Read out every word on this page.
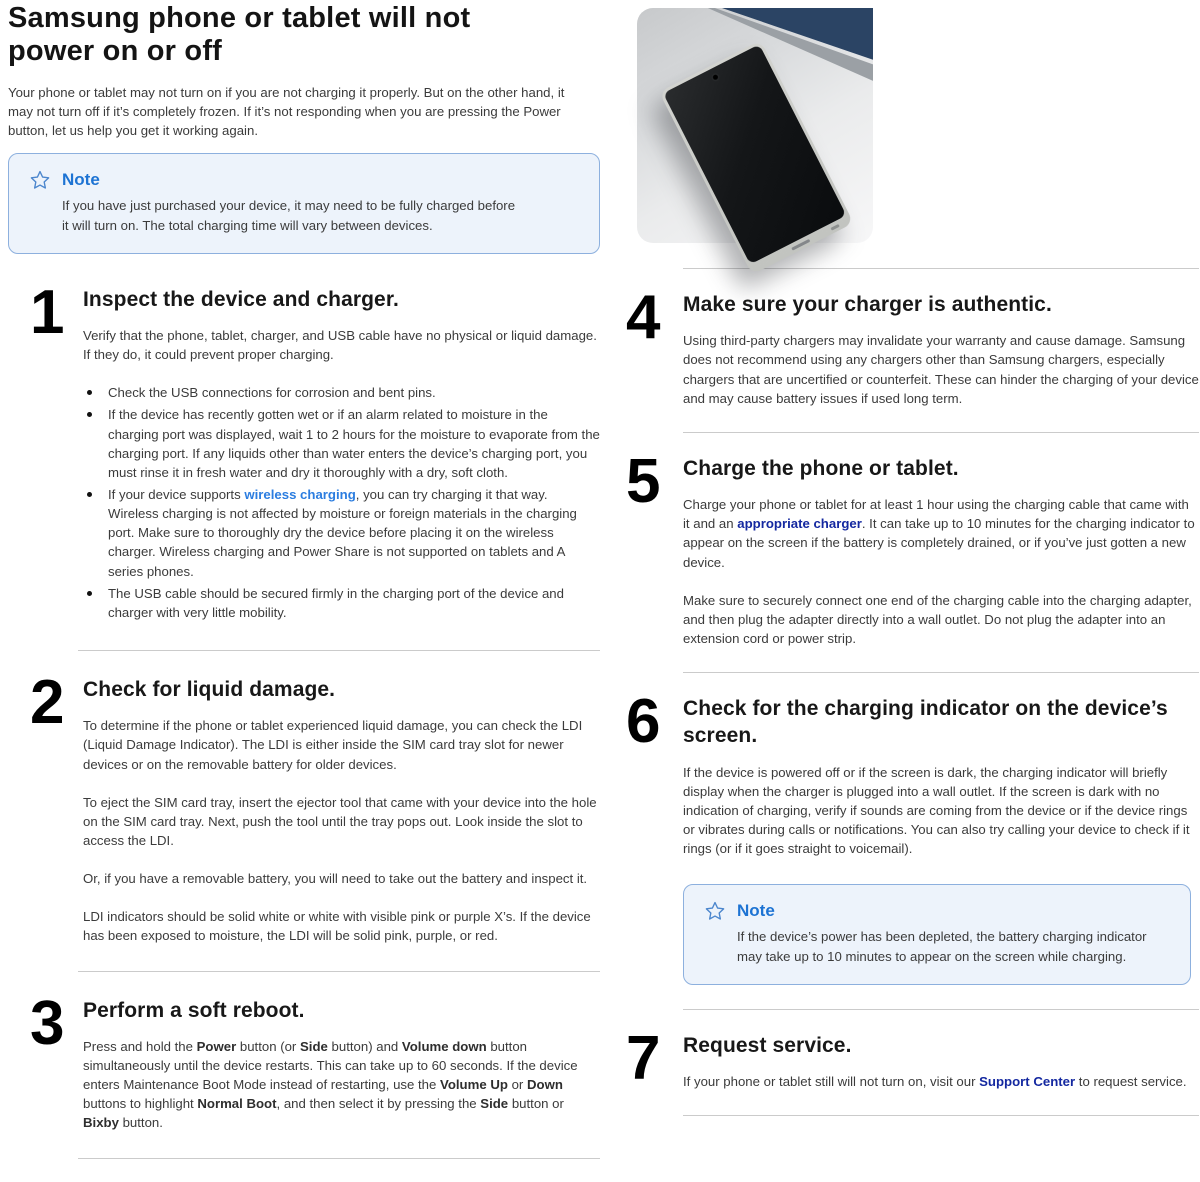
Samsung phone or tablet will not power on or off

Your phone or tablet may not turn on if you are not charging it properly. But on the other hand, it may not turn off if it’s completely frozen. If it’s not responding when you are pressing the Power button, let us help you get it working again.

Note

If you have just purchased your device, it may need to be fully charged before it will turn on. The total charging time will vary between devices.

1 Inspect the device and charger.

Verify that the phone, tablet, charger, and USB cable have no physical or liquid damage. If they do, it could prevent proper charging.

Check the USB connections for corrosion and bent pins.
If the device has recently gotten wet or if an alarm related to moisture in the charging port was displayed, wait 1 to 2 hours for the moisture to evaporate from the charging port. If any liquids other than water enters the device’s charging port, you must rinse it in fresh water and dry it thoroughly with a dry, soft cloth.
If your device supports wireless charging, you can try charging it that way. Wireless charging is not affected by moisture or foreign materials in the charging port. Make sure to thoroughly dry the device before placing it on the wireless charger. Wireless charging and Power Share is not supported on tablets and A series phones.
The USB cable should be secured firmly in the charging port of the device and charger with very little mobility.
2 Check for liquid damage.

To determine if the phone or tablet experienced liquid damage, you can check the LDI (Liquid Damage Indicator). The LDI is either inside the SIM card tray slot for newer devices or on the removable battery for older devices.

To eject the SIM card tray, insert the ejector tool that came with your device into the hole on the SIM card tray. Next, push the tool until the tray pops out. Look inside the slot to access the LDI.

Or, if you have a removable battery, you will need to take out the battery and inspect it.

LDI indicators should be solid white or white with visible pink or purple X’s. If the device has been exposed to moisture, the LDI will be solid pink, purple, or red.

3 Perform a soft reboot.

Press and hold the Power button (or Side button) and Volume down button simultaneously until the device restarts. This can take up to 60 seconds. If the device enters Maintenance Boot Mode instead of restarting, use the Volume Up or Down buttons to highlight Normal Boot, and then select it by pressing the Side button or Bixby button.

4	Make sure your charger is authentic.

Using third-party chargers may invalidate your warranty and cause damage. Samsung does not recommend using any chargers other than Samsung chargers, especially chargers that are uncertified or counterfeit. These can hinder the charging of your device and may cause battery issues if used long term.

5	Charge the phone or tablet.

Charge your phone or tablet for at least 1 hour using the charging cable that came with it and an appropriate charger. It can take up to 10 minutes for the charging indicator to appear on the screen if the battery is completely drained, or if you’ve just gotten a new device.

Make sure to securely connect one end of the charging cable into the charging adapter, and then plug the adapter directly into a wall outlet. Do not plug the adapter into an extension cord or power strip.

6	Check for the charging indicator on the device’s screen.

If the device is powered off or if the screen is dark, the charging indicator will briefly display when the charger is plugged into a wall outlet. If the screen is dark with no indication of charging, verify if sounds are coming from the device or if the device rings or vibrates during calls or notifications. You can also try calling your device to check if it rings (or if it goes straight to voicemail).

Note

If the device’s power has been depleted, the battery charging indicator may take up to 10 minutes to appear on the screen while charging.

7	Request service.

If your phone or tablet still will not turn on, visit our Support Center to request service.
